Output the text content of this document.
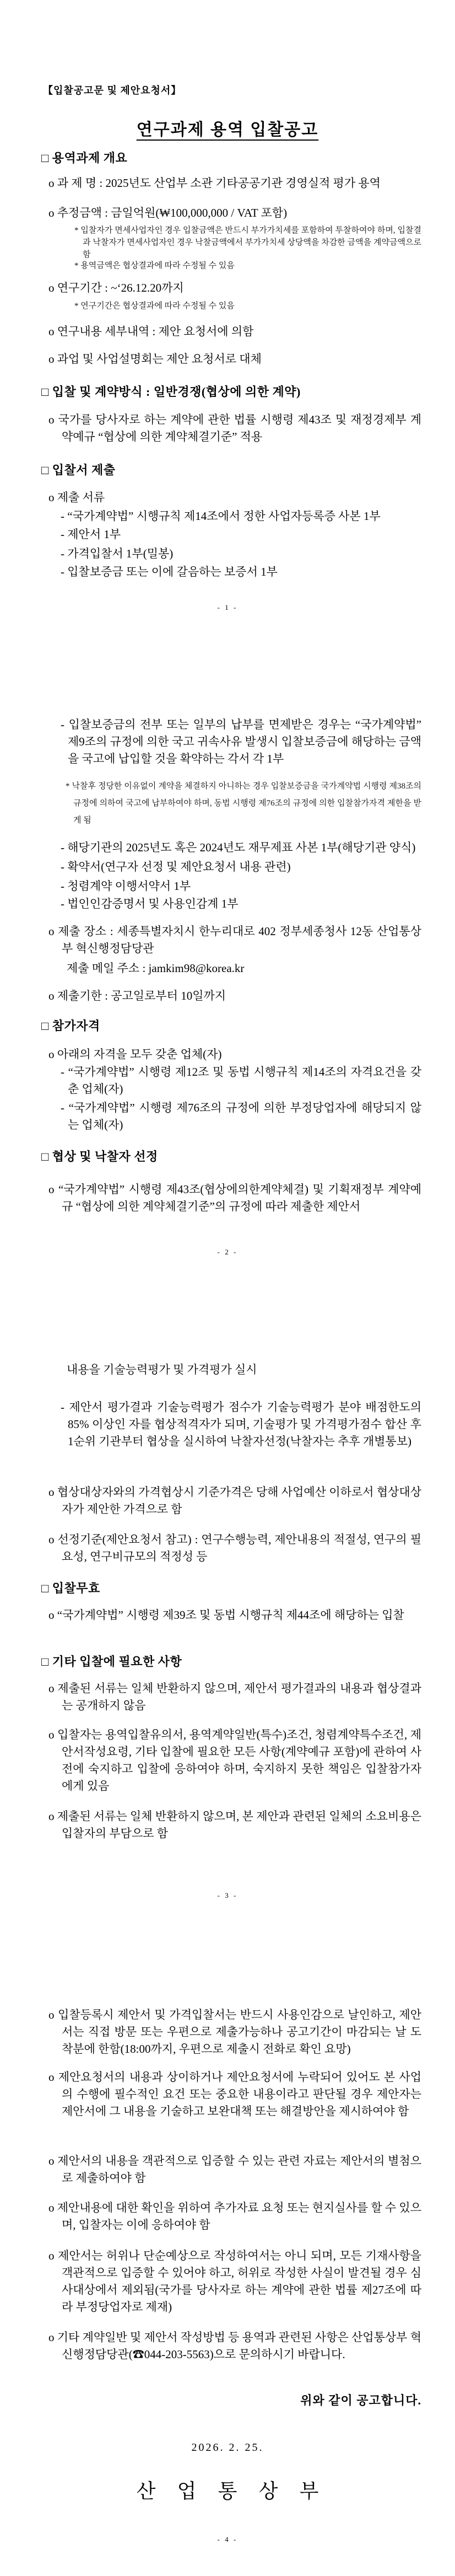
【입찰공고문 및 제안요청서】
연구과제 용역 입찰공고
□ 용역과제 개요
o 과 제 명 : 2025년도 산업부 소관 기타공공기관 경영실적 평가 용역
o 추정금액 : 금일억원(₩100,000,000 / VAT 포함)
* 입찰자가 면세사업자인 경우 입찰금액은 반드시 부가가치세를 포함하여 투찰하여야 하며, 입찰결과 낙찰자가 면세사업자인 경우 낙찰금액에서 부가가치세 상당액을 차감한 금액을 계약금액으로 함
* 용역금액은 협상결과에 따라 수정될 수 있음
o 연구기간 : ~‘26.12.20까지
* 연구기간은 협상결과에 따라 수정될 수 있음
o 연구내용 세부내역 : 제안 요청서에 의함
o 과업 및 사업설명회는 제안 요청서로 대체
□ 입찰 및 계약방식 : 일반경쟁(협상에 의한 계약)
o 국가를 당사자로 하는 계약에 관한 법률 시행령 제43조 및 재정경제부 계약예규 “협상에 의한 계약체결기준” 적용
□ 입찰서 제출
o 제출 서류
- “국가계약법” 시행규칙 제14조에서 정한 사업자등록증 사본 1부
- 제안서 1부
- 가격입찰서 1부(밀봉)
- 입찰보증금 또는 이에 갈음하는 보증서 1부
- 1 -
- 입찰보증금의 전부 또는 일부의 납부를 면제받은 경우는 “국가계약법” 제9조의 규정에 의한 국고 귀속사유 발생시 입찰보증금에 해당하는 금액을 국고에 납입할 것을 확약하는 각서 각 1부
* 낙찰후 정당한 이유없이 계약을 체결하지 아니하는 경우 입찰보증금을 국가계약법 시행령 제38조의 규정에 의하여 국고에 납부하여야 하며, 동법 시행령 제76조의 규정에 의한 입찰참가자격 제한을 받게 됨
- 해당기관의 2025년도 혹은 2024년도 재무제표 사본 1부(해당기관 양식)
- 확약서(연구자 선정 및 제안요청서 내용 관련)
- 청렴계약 이행서약서 1부
- 법인인감증명서 및 사용인감계 1부
o 제출 장소 : 세종특별자치시 한누리대로 402 정부세종청사 12동 산업통상부 혁신행정담당관
제출 메일 주소 : jamkim98@korea.kr
o 제출기한 : 공고일로부터 10일까지
□ 참가자격
o 아래의 자격을 모두 갖춘 업체(자)
- “국가계약법” 시행령 제12조 및 동법 시행규칙 제14조의 자격요건을 갖춘 업체(자)
- “국가계약법” 시행령 제76조의 규정에 의한 부정당업자에 해당되지 않는 업체(자)
□ 협상 및 낙찰자 선정
o “국가계약법” 시행령 제43조(협상에의한계약체결) 및 기획재정부 계약예규 “협상에 의한 계약체결기준”의 규정에 따라 제출한 제안서
- 2 -
내용을 기술능력평가 및 가격평가 실시
- 제안서 평가결과 기술능력평가 점수가 기술능력평가 분야 배점한도의 85% 이상인 자를 협상적격자가 되며, 기술평가 및 가격평가점수 합산 후 1순위 기관부터 협상을 실시하여 낙찰자선정(낙찰자는 추후 개별통보)
o 협상대상자와의 가격협상시 기준가격은 당해 사업예산 이하로서 협상대상자가 제안한 가격으로 함
o 선정기준(제안요청서 참고) : 연구수행능력, 제안내용의 적절성, 연구의 필요성, 연구비규모의 적정성 등
□ 입찰무효
o “국가계약법” 시행령 제39조 및 동법 시행규칙 제44조에 해당하는 입찰
□ 기타 입찰에 필요한 사항
o 제출된 서류는 일체 반환하지 않으며, 제안서 평가결과의 내용과 협상결과는 공개하지 않음
o 입찰자는 용역입찰유의서, 용역계약일반(특수)조건, 청렴계약특수조건, 제안서작성요령, 기타 입찰에 필요한 모든 사항(계약예규 포함)에 관하여 사전에 숙지하고 입찰에 응하여야 하며, 숙지하지 못한 책임은 입찰참가자에게 있음
o 제출된 서류는 일체 반환하지 않으며, 본 제안과 관련된 일체의 소요비용은 입찰자의 부담으로 함
- 3 -
o 입찰등록시 제안서 및 가격입찰서는 반드시 사용인감으로 날인하고, 제안서는 직접 방문 또는 우편으로 제출가능하나 공고기간이 마감되는 날 도착분에 한함(18:00까지, 우편으로 제출시 전화로 확인 요망)
o 제안요청서의 내용과 상이하거나 제안요청서에 누락되어 있어도 본 사업의 수행에 필수적인 요건 또는 중요한 내용이라고 판단될 경우 제안자는 제안서에 그 내용을 기술하고 보완대책 또는 해결방안을 제시하여야 함
o 제안서의 내용을 객관적으로 입증할 수 있는 관련 자료는 제안서의 별첨으로 제출하여야 함
o 제안내용에 대한 확인을 위하여 추가자료 요청 또는 현지실사를 할 수 있으며, 입찰자는 이에 응하여야 함
o 제안서는 허위나 단순예상으로 작성하여서는 아니 되며, 모든 기재사항을 객관적으로 입증할 수 있어야 하고, 허위로 작성한 사실이 발견될 경우 심사대상에서 제외됨(국가를 당사자로 하는 계약에 관한 법률 제27조에 따라 부정당업자로 제재)
o 기타 계약일반 및 제안서 작성방법 등 용역과 관련된 사항은 산업통상부 혁신행정담당관(☎044-203-5563)으로 문의하시기 바랍니다.
위와 같이 공고합니다.
2026. 2. 25.
산 업 통 상 부
- 4 -
